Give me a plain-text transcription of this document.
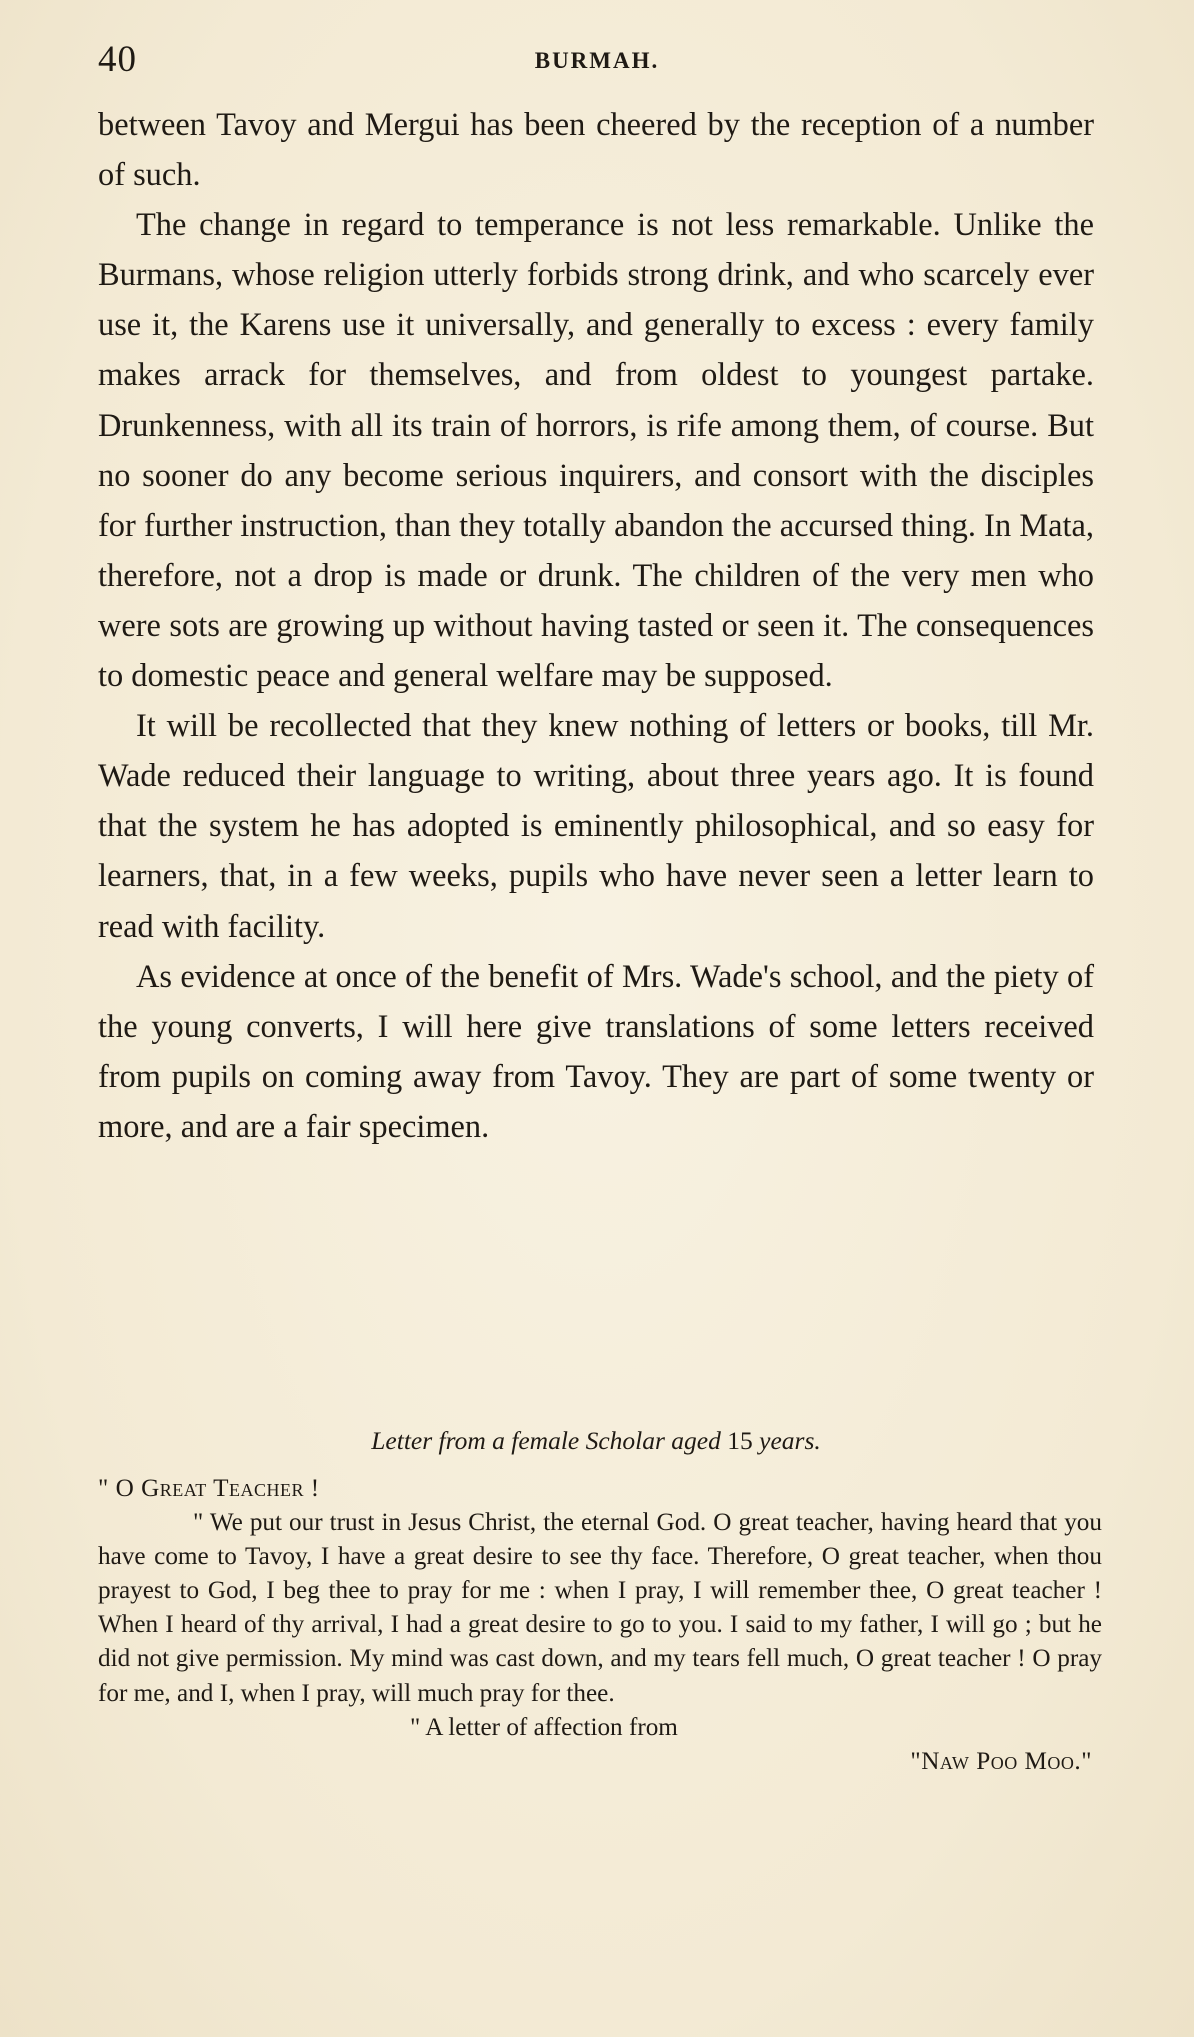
40	BURMAH.

between Tavoy and Mergui has been cheered by the reception of a number of such.

The change in regard to temperance is not less remarkable. Unlike the Burmans, whose religion utterly forbids strong drink, and who scarcely ever use it, the Karens use it universally, and generally to excess : every family makes arrack for themselves, and from oldest to youngest partake. Drunkenness, with all its train of horrors, is rife among them, of course. But no sooner do any become serious inquirers, and consort with the disciples for further instruction, than they totally abandon the accursed thing. In Mata, therefore, not a drop is made or drunk. The children of the very men who were sots are growing up without having tasted or seen it. The consequences to domestic peace and general welfare may be supposed.

It will be recollected that they knew nothing of letters or books, till Mr. Wade reduced their language to writing, about three years ago. It is found that the system he has adopted is eminently philosophical, and so easy for learners, that, in a few weeks, pupils who have never seen a letter learn to read with facility.

As evidence at once of the benefit of Mrs. Wade's school, and the piety of the young converts, I will here give translations of some letters received from pupils on coming away from Tavoy. They are part of some twenty or more, and are a fair specimen.

Letter from a female Scholar aged 15 years.

" O Great Teacher !

" We put our trust in Jesus Christ, the eternal God. O great teacher, having heard that you have come to Tavoy, I have a great desire to see thy face. Therefore, O great teacher, when thou prayest to God, I beg thee to pray for me : when I pray, I will remember thee, O great teacher ! When I heard of thy arrival, I had a great desire to go to you. I said to my father, I will go ; but he did not give permission. My mind was cast down, and my tears fell much, O great teacher ! O pray for me, and I, when I pray, will much pray for thee.

" A letter of affection from

"Naw Poo Moo."
